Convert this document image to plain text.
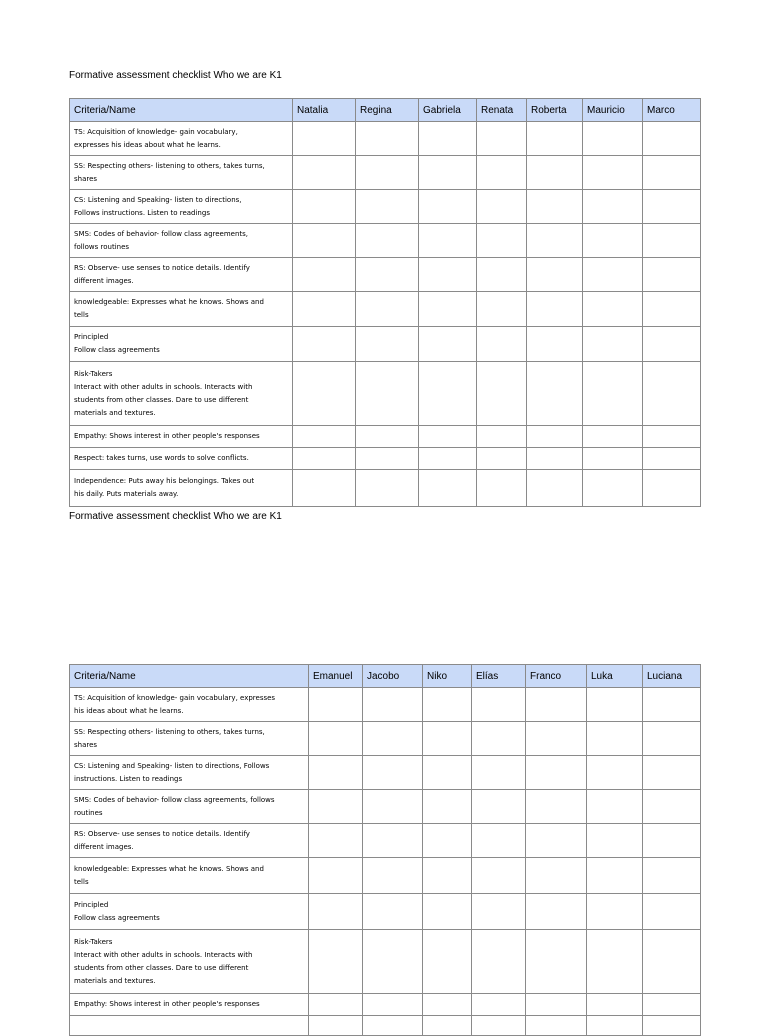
Formative assessment checklist Who we are K1
Criteria/Name	Natalia	Regina	Gabriela	Renata	Roberta	Mauricio	Marco

TS: Acquisition of knowledge- gain vocabulary,
expresses his ideas about what he learns.							

SS: Respecting others- listening to others, takes turns,
shares							

CS: Listening and Speaking- listen to directions,
Follows instructions. Listen to readings							

SMS: Codes of behavior- follow class agreements,
follows routines							

RS: Observe- use senses to notice details. Identify
different images.							

knowledgeable: Expresses what he knows. Shows and
tells							

Principled
Follow class agreements							

Risk-Takers
Interact with other adults in schools. Interacts with
students from other classes. Dare to use different
materials and textures.							

Empathy: Shows interest in other people's responses							

Respect: takes turns, use words to solve conflicts.							

Independence: Puts away his belongings. Takes out
his daily. Puts materials away.							

Formative assessment checklist Who we are K1
Criteria/Name	Emanuel	Jacobo	Niko	Elías	Franco	Luka	Luciana

TS: Acquisition of knowledge- gain vocabulary, expresses
his ideas about what he learns.							

SS: Respecting others- listening to others, takes turns,
shares							

CS: Listening and Speaking- listen to directions, Follows
instructions. Listen to readings							

SMS: Codes of behavior- follow class agreements, follows
routines							

RS: Observe- use senses to notice details. Identify
different images.							

knowledgeable: Expresses what he knows. Shows and
tells							

Principled
Follow class agreements							

Risk-Takers
Interact with other adults in schools. Interacts with
students from other classes. Dare to use different
materials and textures.							

Empathy: Shows interest in other people's responses							
